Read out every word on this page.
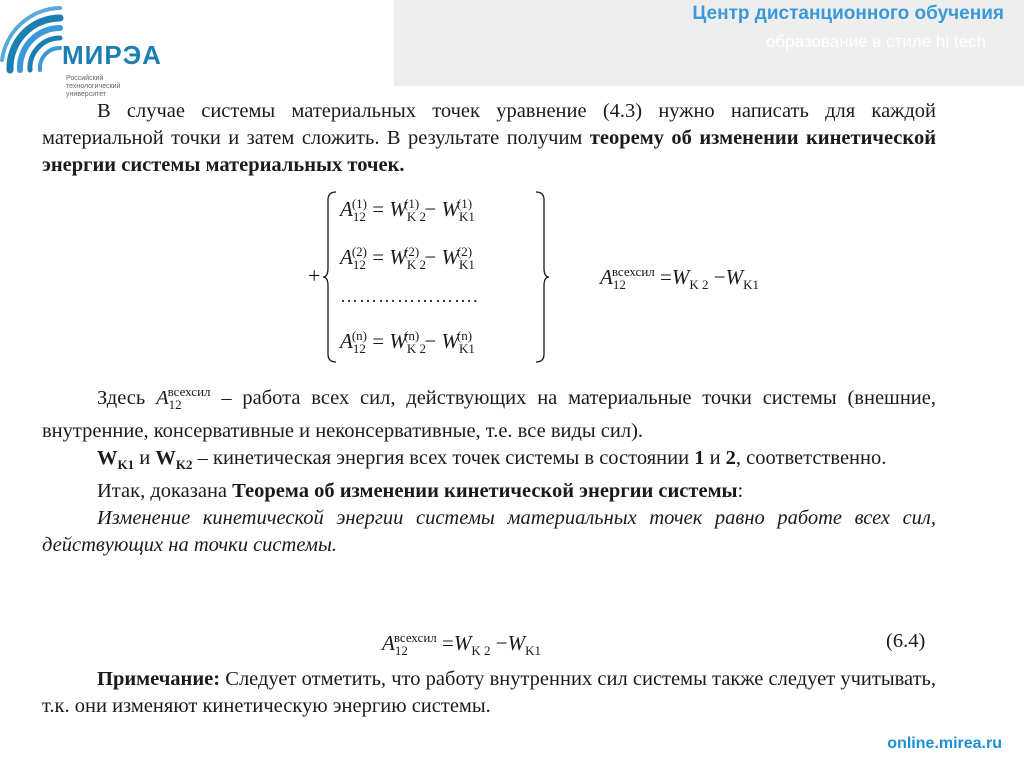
Центр дистанционного обучения
образование в стиле hi tech
МИРЭА
Российский технологический университет

В случае системы материальных точек уравнение (4.3) нужно написать для каждой материальной точки и затем сложить. В результате получим теорему об изменении кинетической энергии системы материальных точек.

+
$A_{12}^{(1)} = W_{K 2}^{(1)} - W_{K1}^{(1)}$
$A_{12}^{(2)} = W_{K 2}^{(2)} - W_{K1}^{(2)}$
………………….
$A_{12}^{(n)} = W_{K 2}^{(n)} - W_{K1}^{(n)}$
$A_{12}^{всехсил} =W_{K 2} -W_{K1}$

Здесь $A_{12}^{всехсил}$ – работа всех сил, действующих на материальные точки системы (внешние, внутренние, консервативные и неконсервативные, т.е. все виды сил).

$W_{K1}$ и $W_{K2}$ – кинетическая энергия всех точек системы в состоянии 1 и 2, соответственно.

Итак, доказана Теорема об изменении кинетической энергии системы:

Изменение кинетической энергии системы материальных точек равно работе всех сил, действующих на точки системы.

$A_{12}^{всехсил} =W_{K 2} -W_{K1}$	(6.4)

Примечание: Следует отметить, что работу внутренних сил системы также следует учитывать, т.к. они изменяют кинетическую энергию системы.

online.mirea.ru
